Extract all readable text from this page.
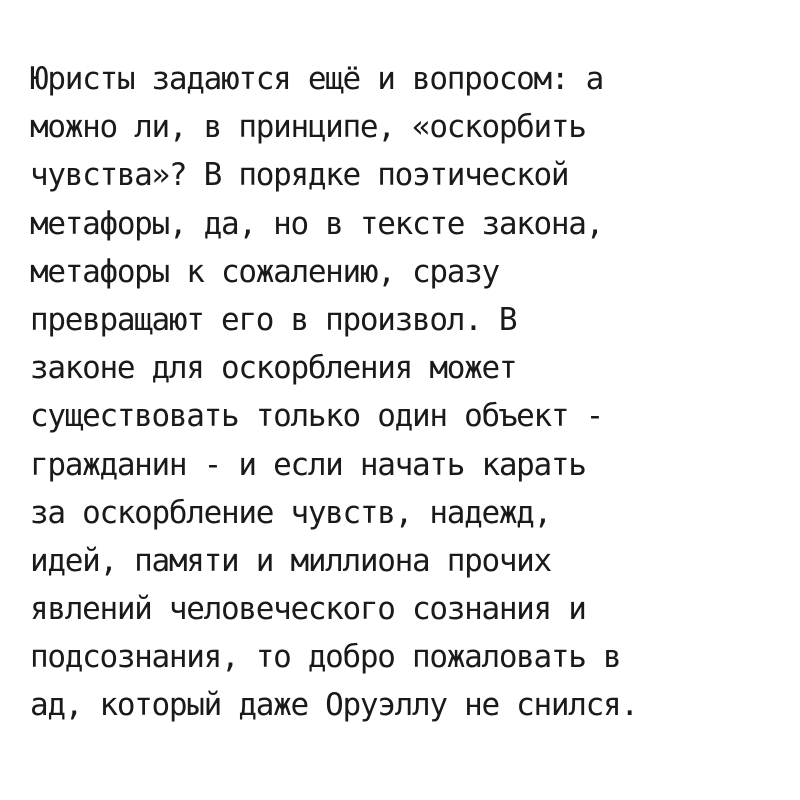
Юристы задаются ещё и вопросом: а
можно ли, в принципе, «оскорбить
чувства»? В порядке поэтической
метафоры, да, но в тексте закона,
метафоры к сожалению, сразу
превращают его в произвол. В
законе для оскорбления может
существовать только один объект -
гражданин - и если начать карать
за оскорбление чувств, надежд,
идей, памяти и миллиона прочих
явлений человеческого сознания и
подсознания, то добро пожаловать в
ад, который даже Оруэллу не снился.
